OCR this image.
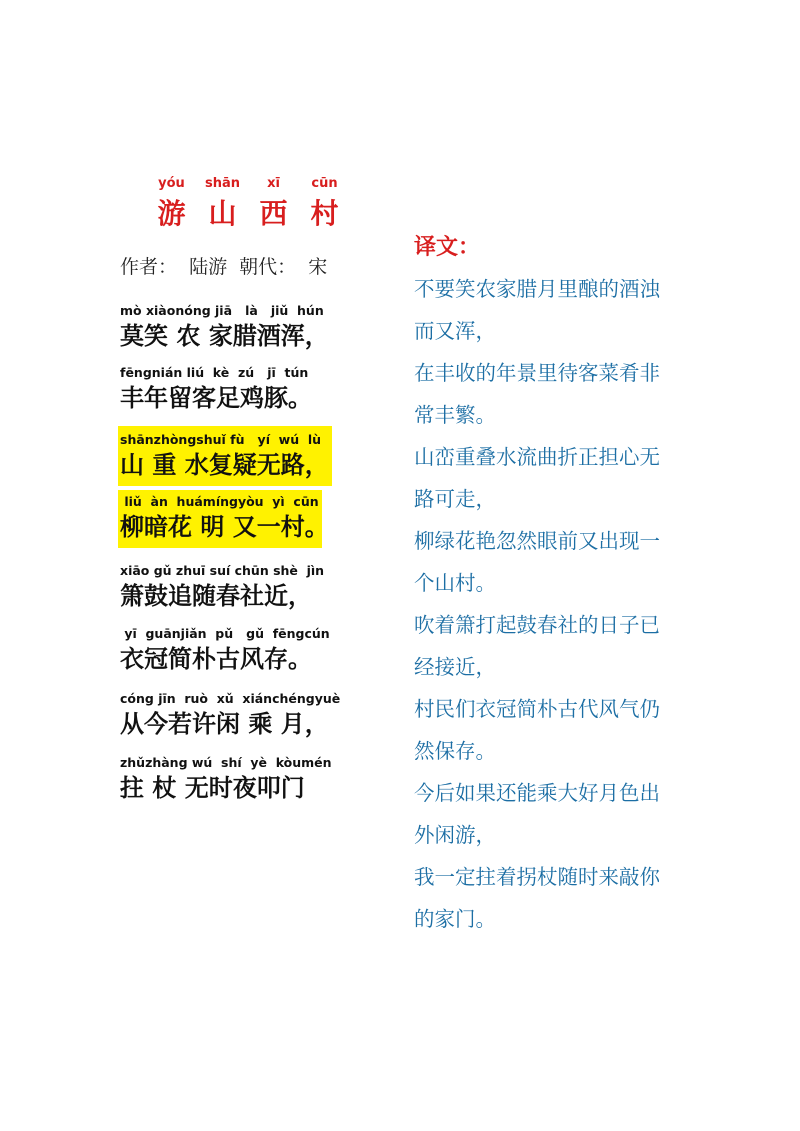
yóu	shān	xī	cūn
游 山 西 村
作者：  陆游  朝代：  宋
mò xiàonóng jiā   là   jiǔ  hún
莫笑 农 家腊酒浑，
fēngnián liú  kè  zú   jī  tún
丰年留客足鸡豚。
shānzhòngshuǐ fù   yí  wú  lù
山 重 水复疑无路，
liǔ  àn  huámíngyòu  yì  cūn
柳暗花 明 又一村。
xiāo gǔ zhuī suí chūn shè  jìn
箫鼓追随春社近，
yī  guānjiǎn  pǔ   gǔ  fēngcún
衣冠简朴古风存。
cóng jīn  ruò  xǔ  xiánchéngyuè
从今若许闲 乘 月，
zhǔzhàng wú  shí  yè  kòumén
拄 杖 无时夜叩门
译文：
不要笑农家腊月里酿的酒浊
而又浑，
在丰收的年景里待客菜肴非
常丰繁。
山峦重叠水流曲折正担心无
路可走，
柳绿花艳忽然眼前又出现一
个山村。
吹着箫打起鼓春社的日子已
经接近，
村民们衣冠简朴古代风气仍
然保存。
今后如果还能乘大好月色出
外闲游，
我一定拄着拐杖随时来敲你
的家门。
